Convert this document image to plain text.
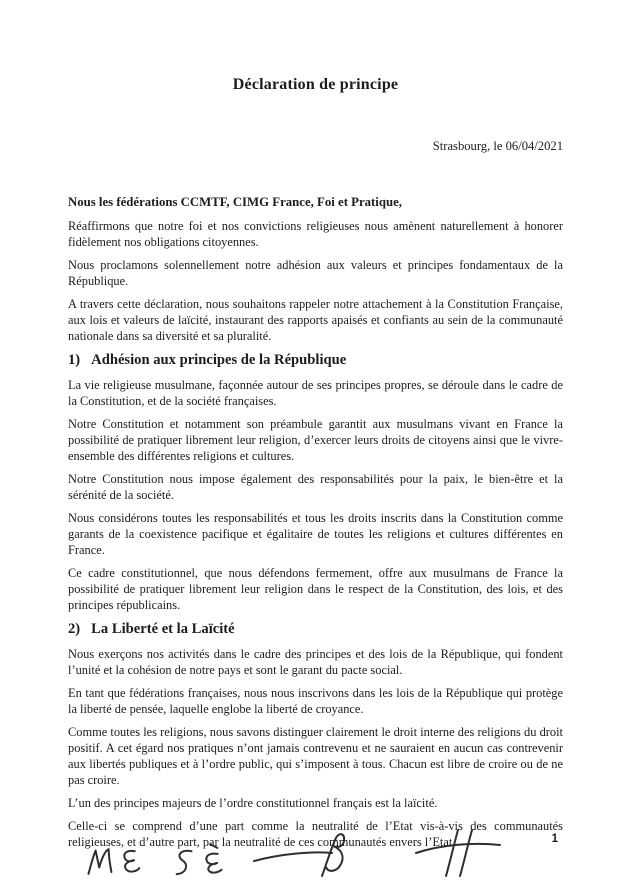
Déclaration de principe
Strasbourg, le 06/04/2021
Nous les fédérations CCMTF, CIMG France, Foi et Pratique,

Réaffirmons que notre foi et nos convictions religieuses nous amènent naturellement à honorer fidèlement nos obligations citoyennes.

Nous proclamons solennellement notre adhésion aux valeurs et principes fondamentaux de la République.

A travers cette déclaration, nous souhaitons rappeler notre attachement à la Constitution Française, aux lois et valeurs de laïcité, instaurant des rapports apaisés et confiants au sein de la communauté nationale dans sa diversité et sa pluralité.

1) Adhésion aux principes de la République

La vie religieuse musulmane, façonnée autour de ses principes propres, se déroule dans le cadre de la Constitution, et de la société françaises.

Notre Constitution et notamment son préambule garantit aux musulmans vivant en France la possibilité de pratiquer librement leur religion, d’exercer leurs droits de citoyens ainsi que le vivre-ensemble des différentes religions et cultures.

Notre Constitution nous impose également des responsabilités pour la paix, le bien-être et la sérénité de la société.

Nous considérons toutes les responsabilités et tous les droits inscrits dans la Constitution comme garants de la coexistence pacifique et égalitaire de toutes les religions et cultures différentes en France.

Ce cadre constitutionnel, que nous défendons fermement, offre aux musulmans de France la possibilité de pratiquer librement leur religion dans le respect de la Constitution, des lois, et des principes républicains.

2) La Liberté et la Laïcité

Nous exerçons nos activités dans le cadre des principes et des lois de la République, qui fondent l’unité et la cohésion de notre pays et sont le garant du pacte social.

En tant que fédérations françaises, nous nous inscrivons dans les lois de la République qui protège la liberté de pensée, laquelle englobe la liberté de croyance.

Comme toutes les religions, nous savons distinguer clairement le droit interne des religions du droit positif. A cet égard nos pratiques n’ont jamais contrevenu et ne sauraient en aucun cas contrevenir aux libertés publiques et à l’ordre public, qui s’imposent à tous. Chacun est libre de croire ou de ne pas croire.

L’un des principes majeurs de l’ordre constitutionnel français est la laïcité.

Celle-ci se comprend d’une part comme la neutralité de l’Etat vis-à-vis des communautés religieuses, et d’autre part, par la neutralité de ces communautés envers l’Etat.	1
